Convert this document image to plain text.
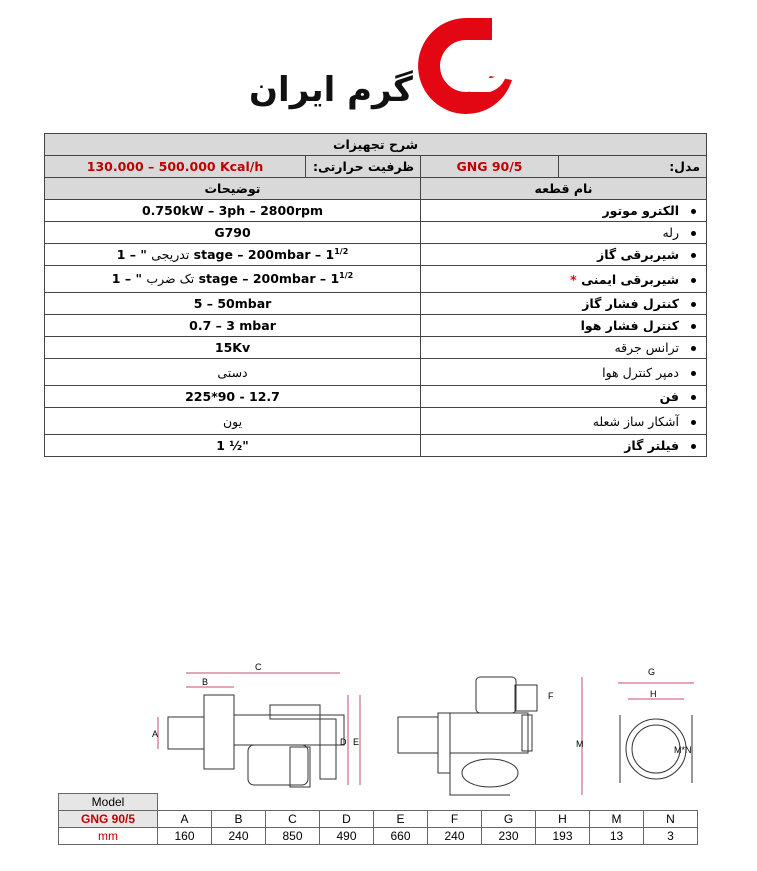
گرم ایران
شرح تجهیزات			
130.000 – 500.000 Kcal/h	ظرفیت حرارتی:	GNG 90/5	مدل:
توضیحات		نام قطعه	
0.750kW – 3ph – 2800rpm		الکترو موتور	
G790		رله	
تدریجی " – 1 stage – 200mbar – $1^{1/2}$		شیربرقی گاز	
تک ضرب " – 1 stage – 200mbar – $1^{1/2}$		شیربرقی ایمنی *	
5 – 50mbar		کنترل فشار گاز	
0.7 – 3 mbar		کنترل فشار هوا	
15Kv		ترانس جرقه	
دستی		دمپر کنترل هوا	
225*90 - 12.7		فن	
یون		آشکار ساز شعله	
1 ½"		فیلتر گاز	
C
B
A
D E
F
M
G
H
M*N
Model										
GNG 90/5	A	B	C	D	E	F	G	H	M	N
mm	160	240	850	490	660	240	230	193	13	3
